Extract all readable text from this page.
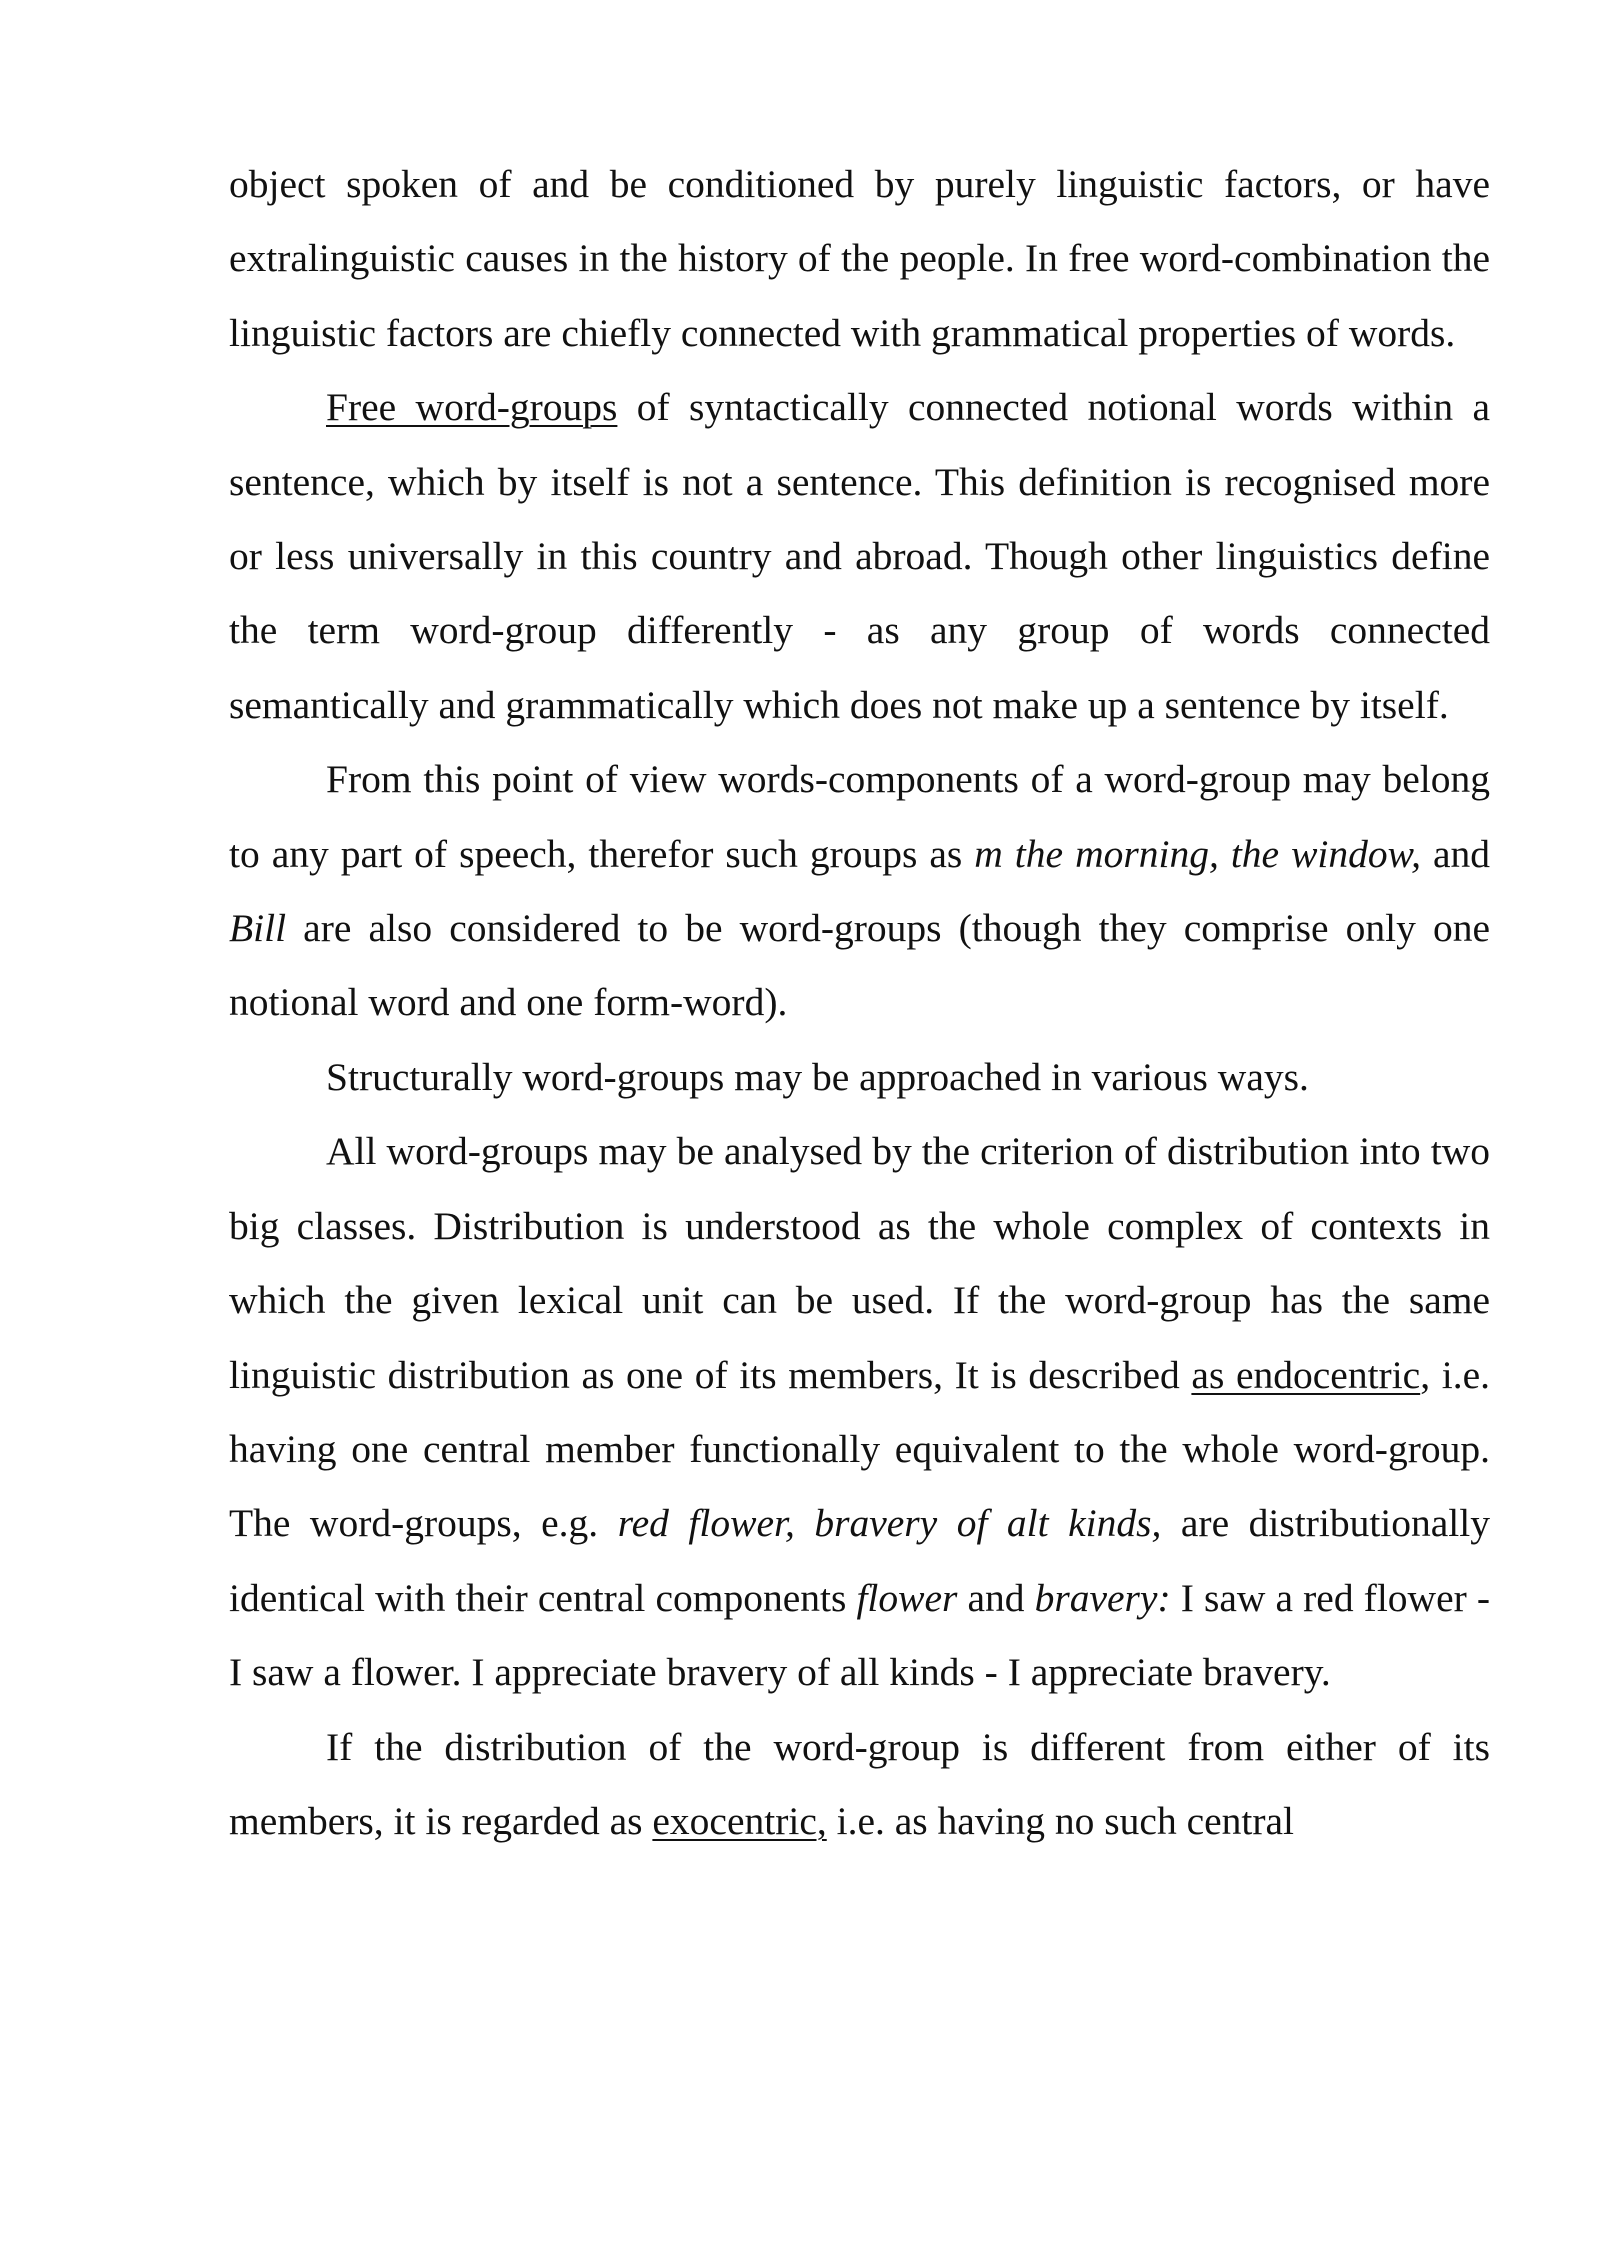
object spoken of and be conditioned by purely linguistic factors, or have extralinguistic causes in the history of the people. In free word-combination the linguistic factors are chiefly connected with grammatical properties of words.

Free word-groups of syntactically connected notional words within a sentence, which by itself is not a sentence. This definition is recognised more or less universally in this country and abroad. Though other linguistics define the term word-group differently - as any group of words connected semantically and grammatically which does not make up a sentence by itself.

From this point of view words-components of a word-group may belong to any part of speech, therefor such groups as m the morning, the window, and Bill are also considered to be word-groups (though they comprise only one notional word and one form-word).

Structurally word-groups may be approached in various ways.

All word-groups may be analysed by the criterion of distribution into two big classes. Distribution is understood as the whole complex of contexts in which the given lexical unit can be used. If the word-group has the same linguistic distribution as one of its members, It is described as endocentric, i.e. having one central member functionally equivalent to the whole word-group. The word-groups, e.g. red flower, bravery of alt kinds, are distributionally identical with their central components flower and bravery: I saw a red flower - I saw a flower. I appreciate bravery of all kinds - I appreciate bravery.

If the distribution of the word-group is different from either of its members, it is regarded as exocentric, i.e. as having no such central
